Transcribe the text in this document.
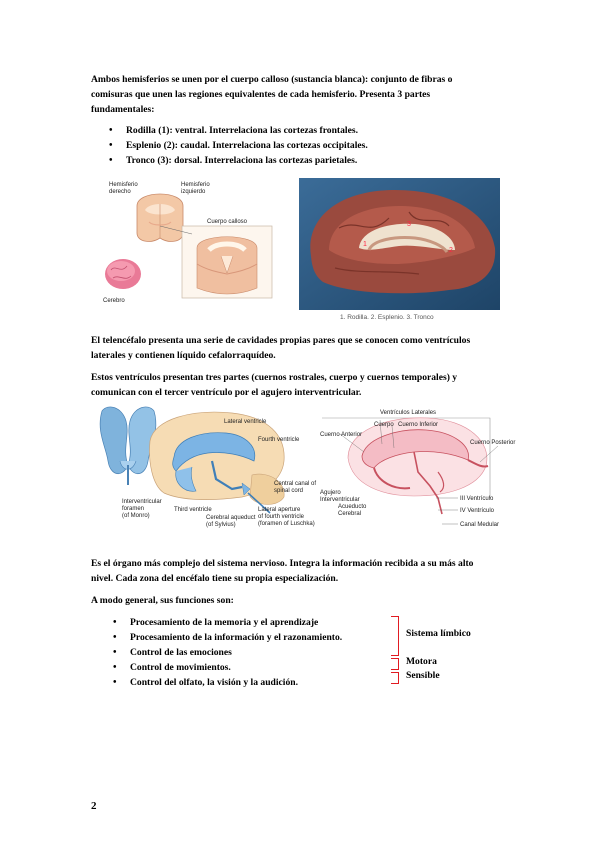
Ambos hemisferios se unen por el cuerpo calloso (sustancia blanca): conjunto de fibras o
comisuras que unen las regiones equivalentes de cada hemisferio. Presenta 3 partes
fundamentales:
• Rodilla (1): ventral. Interrelaciona las cortezas frontales.
• Esplenio (2): caudal. Interrelaciona las cortezas occipitales.
• Tronco (3): dorsal. Interrelaciona las cortezas parietales.
Hemisferio
derecho
Hemisferio
izquierdo
Cuerpo calloso
Cerebro
1
2
3
1. Rodilla. 2. Esplenio. 3. Tronco
El telencéfalo presenta una serie de cavidades propias pares que se conocen como ventrículos
laterales y contienen líquido cefalorraquídeo.
Estos ventrículos presentan tres partes (cuernos rostrales, cuerpo y cuernos temporales) y
comunican con el tercer ventrículo por el agujero interventricular.
Lateral ventricle
Fourth ventricle
Central canal of
spinal cord
Interventricular
foramen
(of Monro)
Third ventricle
Cerebral aqueduct
(of Sylvius)
Lateral aperture
of fourth ventricle
(foramen of Luschka)
Ventrículos Laterales
Cuerpo Cuerno Inferior
Cuerno Anterior
Cuerno Posterior
Agujero
Interventricular
Acueducto
Cerebral
III Ventrículo
IV Ventrículo
Canal Medular
Es el órgano más complejo del sistema nervioso. Integra la información recibida a su más alto
nivel. Cada zona del encéfalo tiene su propia especialización.
A modo general, sus funciones son:
• Procesamiento de la memoria y el aprendizaje
• Procesamiento de la información y el razonamiento.
• Control de las emociones
• Control de movimientos.
• Control del olfato, la visión y la audición.
Sistema límbico
Motora
Sensible
2
